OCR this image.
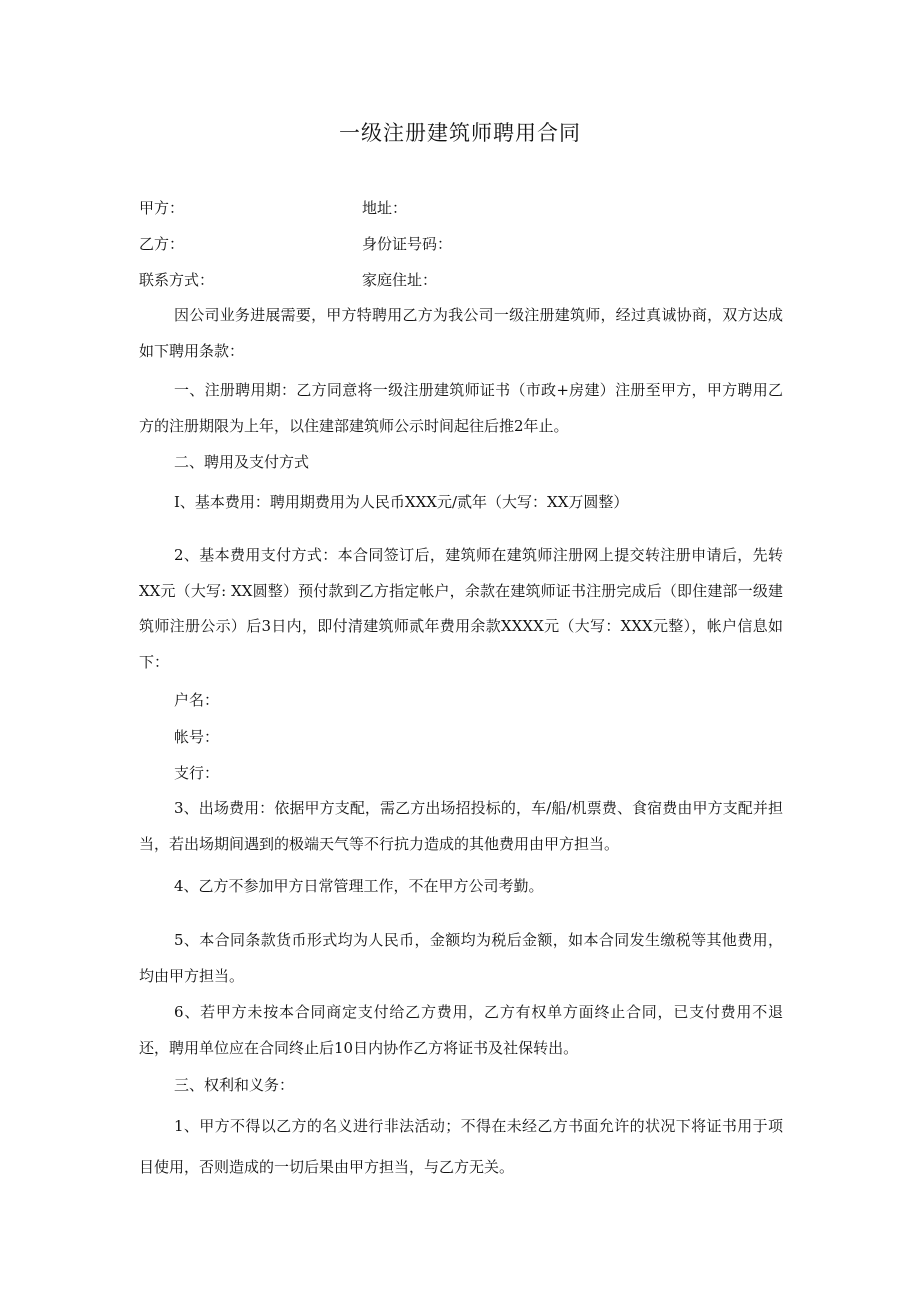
一级注册建筑师聘用合同
甲方：	地址：
乙方：	身份证号码：
联系方式：	家庭住址：
因公司业务进展需要，甲方特聘用乙方为我公司一级注册建筑师，经过真诚协商，双方达成如下聘用条款：
一、注册聘用期：乙方同意将一级注册建筑师证书（市政+房建）注册至甲方，甲方聘用乙方的注册期限为上年，以住建部建筑师公示时间起往后推2年止。
二、聘用及支付方式
I、基本费用：聘用期费用为人民币XXX元/贰年（大写：XX万圆整）
2、基本费用支付方式：本合同签订后，建筑师在建筑师注册网上提交转注册申请后，先转XX元（大写: XX圆整）预付款到乙方指定帐户，余款在建筑师证书注册完成后（即住建部一级建筑师注册公示）后3日内，即付清建筑师贰年费用余款XXXX元（大写：XXX元整），帐户信息如下：
户名：
帐号：
支行：
3、出场费用：依据甲方支配，需乙方出场招投标的，车/船/机票费、食宿费由甲方支配并担当，若出场期间遇到的极端天气等不行抗力造成的其他费用由甲方担当。
4、乙方不参加甲方日常管理工作，不在甲方公司考勤。
5、本合同条款货币形式均为人民币，金额均为税后金额，如本合同发生缴税等其他费用，均由甲方担当。
6、若甲方未按本合同商定支付给乙方费用，乙方有权单方面终止合同，已支付费用不退还，聘用单位应在合同终止后10日内协作乙方将证书及社保转出。
三、权利和义务：
1、甲方不得以乙方的名义进行非法活动；不得在未经乙方书面允许的状况下将证书用于项目使用，否则造成的一切后果由甲方担当，与乙方无关。
